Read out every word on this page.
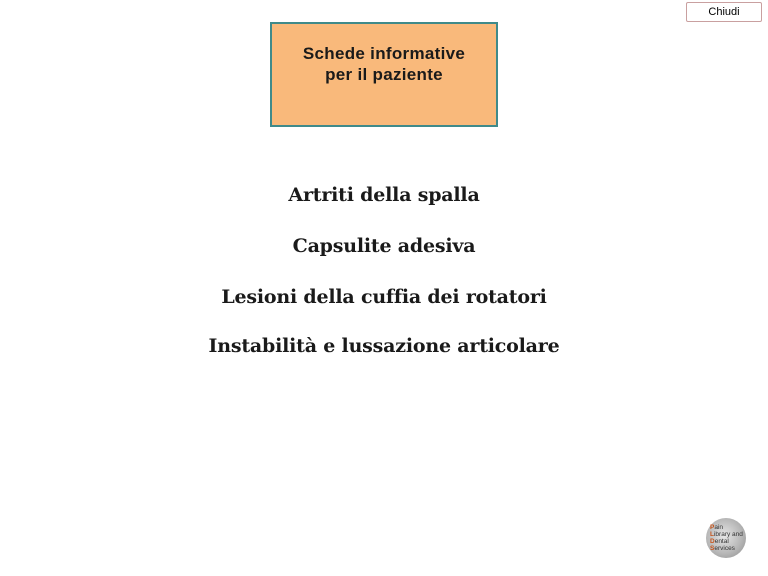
Chiudi
Schede informative
per il paziente
Artriti della spalla
Capsulite adesiva
Lesioni della cuffia dei rotatori
Instabilità e lussazione articolare
Pain
Library and
Dental
Services
